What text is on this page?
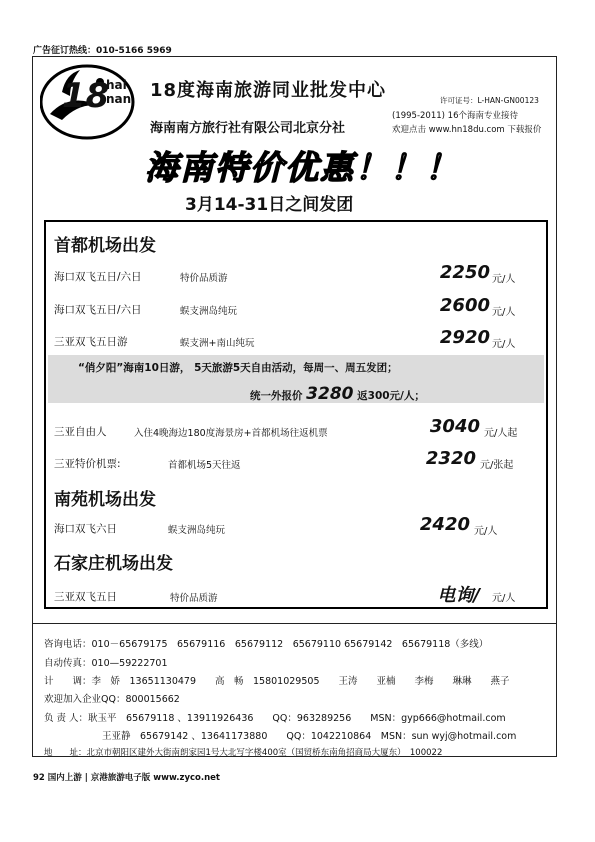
广告征订热线：010-5166 5969
18
hai
nan 18度海南旅游同业批发中心	许可证号：L-HAN-GN00123
(1995-2011) 16个海南专业接待
海南南方旅行社有限公司北京分社	欢迎点击 www.hn18du.com 下载报价
海南特价优惠！！！
3月14-31日之间发团
首都机场出发
海口双飞五日/六日	特价品质游	2250 元/人
海口双飞五日/六日	蜈支洲岛纯玩	2600 元/人
三亚双飞五日游	蜈支洲+南山纯玩	2920 元/人
“俏夕阳”海南10日游， 5天旅游5天自由活动，每周一、周五发团；
统一外报价 3280 返300元/人；
三亚自由人	入住4晚海边180度海景房+首都机场往返机票	3040 元/人起
三亚特价机票:	首都机场5天往返	2320 元/张起
南苑机场出发
海口双飞六日	蜈支洲岛纯玩	2420 元/人
石家庄机场出发
三亚双飞五日	特价品质游	电询/ 元/人
咨询电话：010－65679175　65679116　65679112　65679110 65679142　65679118（多线）
自动传真：010—59222701
计　　调：李　娇　13651130479　　高　畅　15801029505　　王涛　　亚楠　　李梅　　琳琳　　燕子
欢迎加入企业QQ：800015662
负 责 人：耿玉平　65679118 、13911926436　　QQ：963289256　　MSN：gyp666@hotmail.com
王亚静　65679142 、13641173880　　QQ：1042210864　MSN：sun wyj@hotmail.com
地　　址：北京市朝阳区建外大街南朗家园1号大北写字楼400室（国贸桥东南角招商局大厦东）　100022
92 国内上游 | 京港旅游电子版 www.zyco.net
